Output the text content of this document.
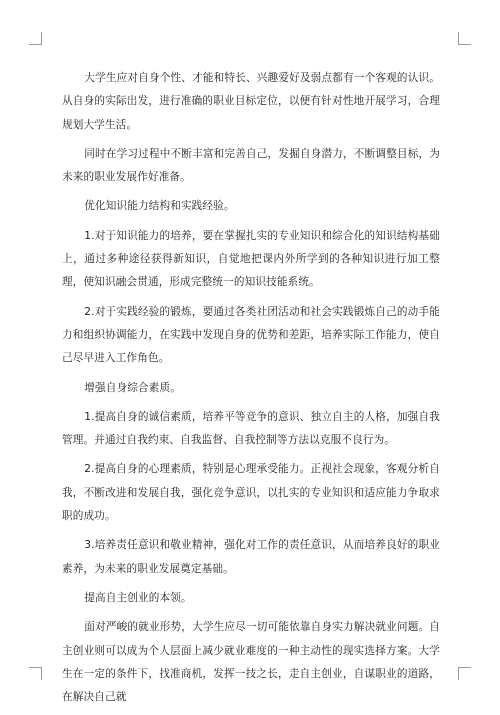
大学生应对自身个性、才能和特长、兴趣爱好及弱点都有一个客观的认识。从自身的实际出发，进行准确的职业目标定位，以便有针对性地开展学习，合理规划大学生活。

同时在学习过程中不断丰富和完善自己，发掘自身潜力，不断调整目标，为未来的职业发展作好准备。

优化知识能力结构和实践经验。

1.对于知识能力的培养，要在掌握扎实的专业知识和综合化的知识结构基础上，通过多种途径获得新知识，自觉地把课内外所学到的各种知识进行加工整理，使知识融会贯通，形成完整统一的知识技能系统。

2.对于实践经验的锻炼，要通过各类社团活动和社会实践锻炼自己的动手能力和组织协调能力，在实践中发现自身的优势和差距，培养实际工作能力，使自己尽早进入工作角色。

增强自身综合素质。

1.提高自身的诚信素质，培养平等竞争的意识、独立自主的人格，加强自我管理。并通过自我约束、自我监督、自我控制等方法以克服不良行为。

2.提高自身的心理素质，特别是心理承受能力。正视社会现象，客观分析自我，不断改进和发展自我，强化竞争意识，以扎实的专业知识和适应能力争取求职的成功。

3.培养责任意识和敬业精神，强化对工作的责任意识，从而培养良好的职业素养，为未来的职业发展奠定基础。

提高自主创业的本领。

面对严峻的就业形势，大学生应尽一切可能依靠自身实力解决就业问题。自主创业则可以成为个人层面上减少就业难度的一种主动性的现实选择方案。大学生在一定的条件下，找准商机，发挥一技之长，走自主创业，自谋职业的道路，在解决自己就
